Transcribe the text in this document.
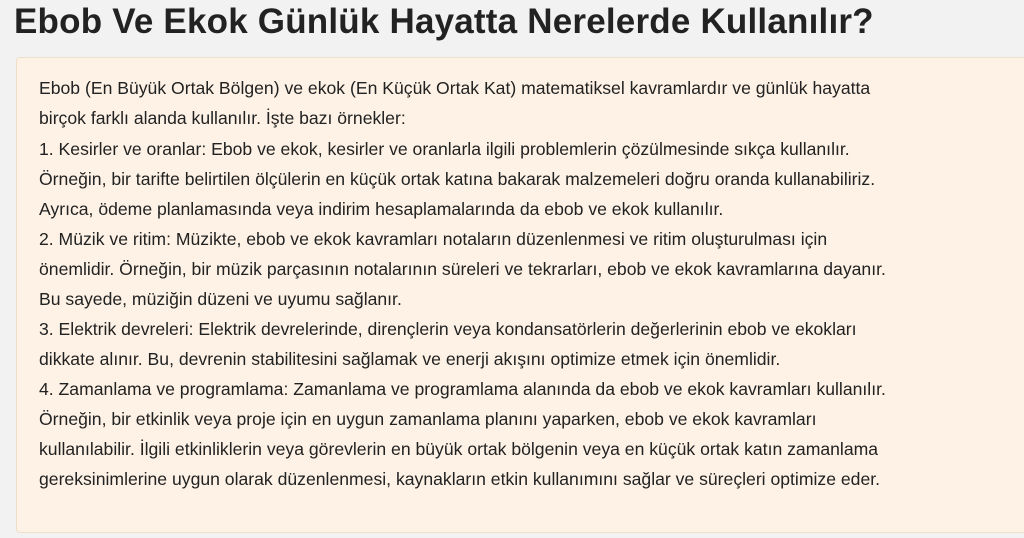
Ebob Ve Ekok Günlük Hayatta Nerelerde Kullanılır?

Ebob (En Büyük Ortak Bölgen) ve ekok (En Küçük Ortak Kat) matematiksel kavramlardır ve günlük hayatta

birçok farklı alanda kullanılır. İşte bazı örnekler:

1. Kesirler ve oranlar: Ebob ve ekok, kesirler ve oranlarla ilgili problemlerin çözülmesinde sıkça kullanılır.

Örneğin, bir tarifte belirtilen ölçülerin en küçük ortak katına bakarak malzemeleri doğru oranda kullanabiliriz.

Ayrıca, ödeme planlamasında veya indirim hesaplamalarında da ebob ve ekok kullanılır.

2. Müzik ve ritim: Müzikte, ebob ve ekok kavramları notaların düzenlenmesi ve ritim oluşturulması için

önemlidir. Örneğin, bir müzik parçasının notalarının süreleri ve tekrarları, ebob ve ekok kavramlarına dayanır.

Bu sayede, müziğin düzeni ve uyumu sağlanır.

3. Elektrik devreleri: Elektrik devrelerinde, dirençlerin veya kondansatörlerin değerlerinin ebob ve ekokları

dikkate alınır. Bu, devrenin stabilitesini sağlamak ve enerji akışını optimize etmek için önemlidir.

4. Zamanlama ve programlama: Zamanlama ve programlama alanında da ebob ve ekok kavramları kullanılır.

Örneğin, bir etkinlik veya proje için en uygun zamanlama planını yaparken, ebob ve ekok kavramları

kullanılabilir. İlgili etkinliklerin veya görevlerin en büyük ortak bölgenin veya en küçük ortak katın zamanlama

gereksinimlerine uygun olarak düzenlenmesi, kaynakların etkin kullanımını sağlar ve süreçleri optimize eder.
